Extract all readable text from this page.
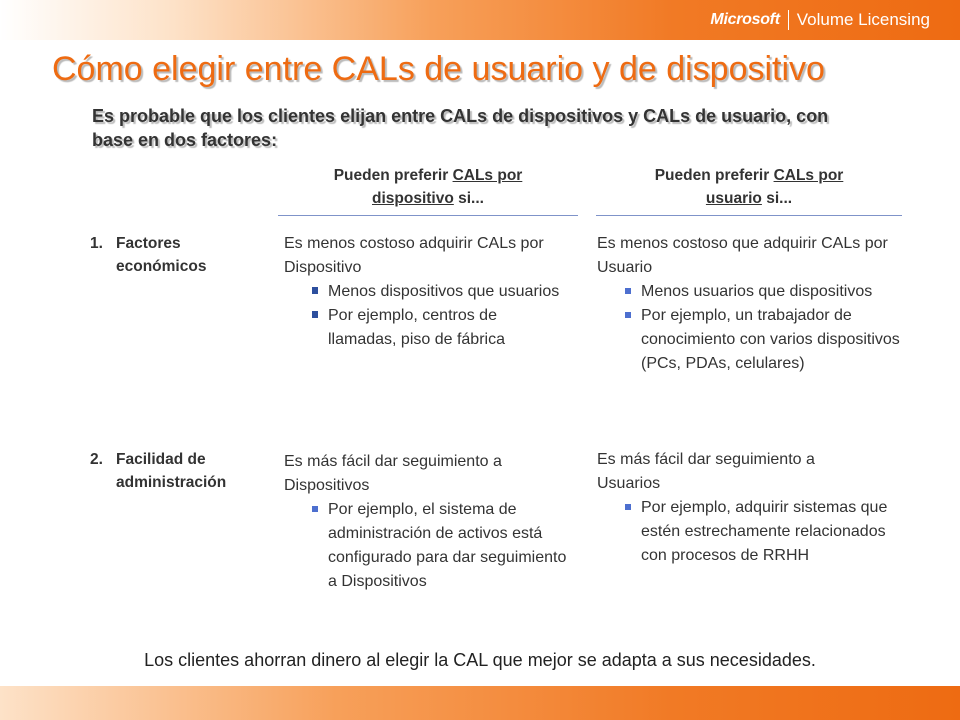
Microsoft Volume Licensing
Cómo elegir entre CALs de usuario y de dispositivo
Es probable que los clientes elijan entre CALs de dispositivos y CALs de usuario, con base en dos factores:
Pueden preferir CALs por
dispositivo si...
Pueden preferir CALs por
usuario si...
1. Factores
económicos
Es menos costoso adquirir CALs por Dispositivo
Menos dispositivos que usuarios
Por ejemplo, centros de llamadas, piso de fábrica
Es menos costoso que adquirir CALs por Usuario
Menos usuarios que dispositivos
Por ejemplo, un trabajador de conocimiento con varios dispositivos (PCs, PDAs, celulares)
2. Facilidad de
administración
Es más fácil dar seguimiento a Dispositivos
Por ejemplo, el sistema de administración de activos está configurado para dar seguimiento a Dispositivos
Es más fácil dar seguimiento a Usuarios
Por ejemplo, adquirir sistemas que estén estrechamente relacionados con procesos de RRHH
Los clientes ahorran dinero al elegir la CAL que mejor se adapta a sus necesidades.
